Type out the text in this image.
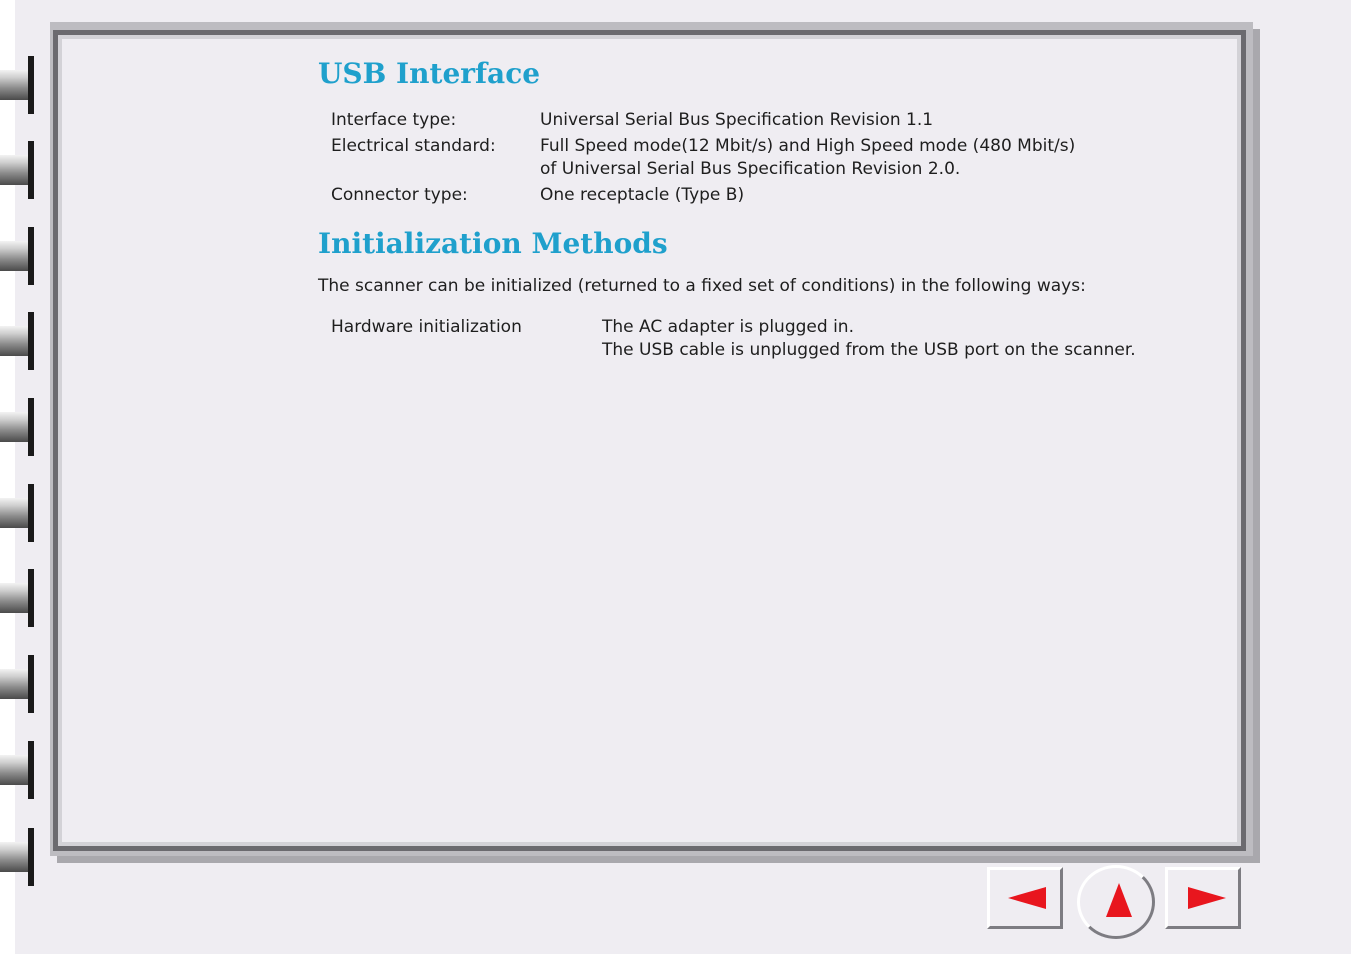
USB Interface
Interface type:	Universal Serial Bus Specification Revision 1.1
Electrical standard:	Full Speed mode(12 Mbit/s) and High Speed mode (480 Mbit/s)
of Universal Serial Bus Specification Revision 2.0.
Connector type:	One receptacle (Type B)
Initialization Methods
The scanner can be initialized (returned to a fixed set of conditions) in the following ways:
Hardware initialization	The AC adapter is plugged in.
The USB cable is unplugged from the USB port on the scanner.
